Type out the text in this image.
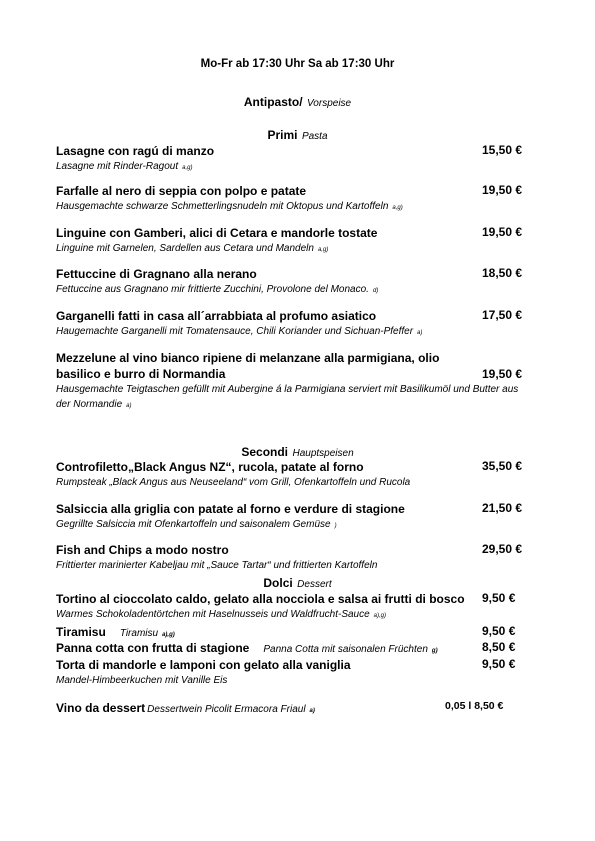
Mo-Fr ab 17:30 Uhr Sa ab 17:30 Uhr
Antipasto/ Vorspeise
Primi Pasta
Lasagne con ragú di manzo
Lasagne mit Rinder-Ragout a,g)
15,50 €
Farfalle al nero di seppia con polpo e patate
Hausgemachte schwarze Schmetterlingsnudeln mit Oktopus und Kartoffeln a,g)
19,50 €
Linguine con Gamberi, alici di Cetara e mandorle tostate
Linguine mit Garnelen, Sardellen aus Cetara und Mandeln a,g)
19,50 €
Fettuccine di Gragnano alla nerano
Fettuccine aus Gragnano mir frittierte Zucchini, Provolone del Monaco. d)
18,50 €
Garganelli fatti in casa all´arrabbiata al profumo asiatico
Haugemachte Garganelli mit Tomatensauce, Chili Koriander und Sichuan-Pfeffer a)
17,50 €
Mezzelune al vino bianco ripiene di melanzane alla parmigiana, olio basilico e burro di Normandia
Hausgemachte Teigtaschen gefüllt mit Aubergine á la Parmigiana serviert mit Basilikumöl und Butter aus der Normandie a)
19,50 €
Secondi Hauptspeisen
Controfiletto„Black Angus NZ“, rucola, patate al forno
Rumpsteak „Black Angus aus Neuseeland“ vom Grill, Ofenkartoffeln und Rucola
35,50 €
Salsiccia alla griglia con patate al forno e verdure di stagione
Gegrillte Salsiccia mit Ofenkartoffeln und saisonalem Gemüse )
21,50 €
Fish and Chips a modo nostro
Frittierter marinierter Kabeljau mit „Sauce Tartar“ und frittierten Kartoffeln
29,50 €
Dolci Dessert
Tortino al cioccolato caldo, gelato alla nocciola e salsa ai frutti di bosco
Warmes Schokoladentörtchen mit Haselnusseis und Waldfrucht-Sauce a),g)
9,50 €
Tiramisu Tiramisu a),g)	9,50 €
Panna cotta con frutta di stagione Panna Cotta mit saisonalen Früchten g)	8,50 €
Torta di mandorle e lamponi con gelato alla vaniglia
Mandel-Himbeerkuchen mit Vanille Eis
9,50 €
Vino da dessert Dessertwein Picolit Ermacora Friaul a)	0,05 l 8,50 €
